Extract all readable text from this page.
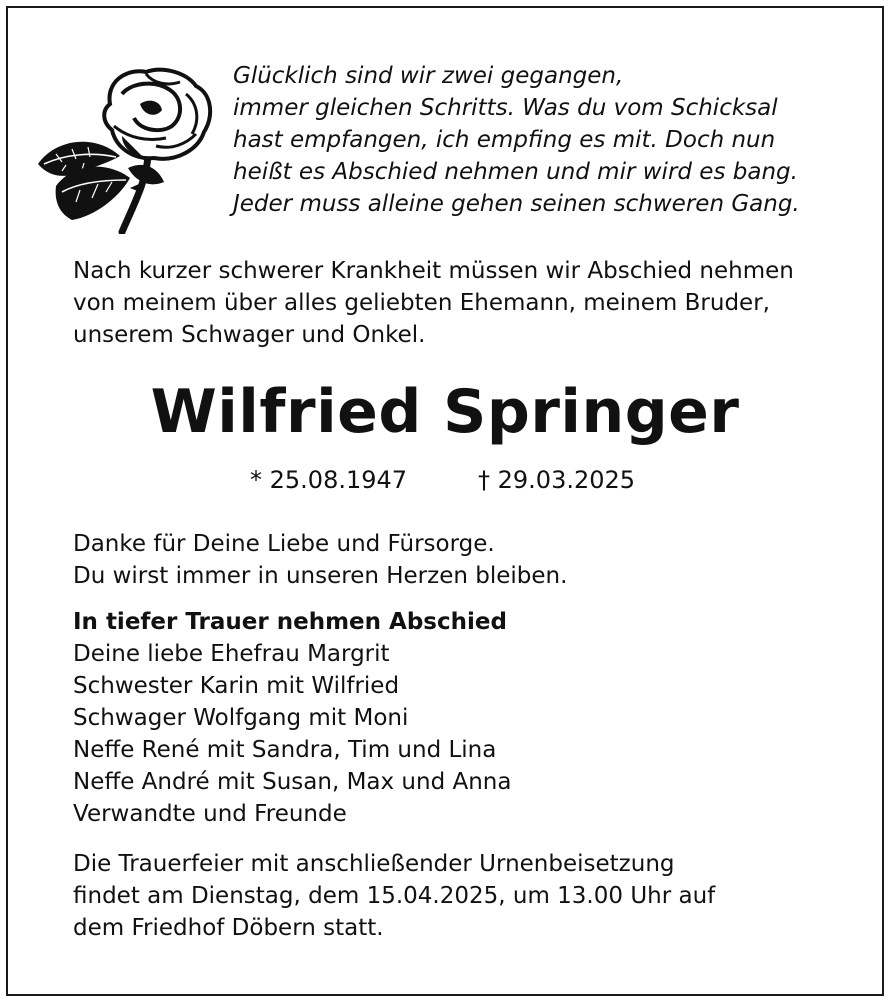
Glücklich sind wir zwei gegangen,
immer gleichen Schritts. Was du vom Schicksal
hast empfangen, ich empfing es mit. Doch nun
heißt es Abschied nehmen und mir wird es bang.
Jeder muss alleine gehen seinen schweren Gang.
Nach kurzer schwerer Krankheit müssen wir Abschied nehmen
von meinem über alles geliebten Ehemann, meinem Bruder,
unserem Schwager und Onkel.
Wilfried Springer
* 25.08.1947	† 29.03.2025
Danke für Deine Liebe und Fürsorge.
Du wirst immer in unseren Herzen bleiben.
In tiefer Trauer nehmen Abschied
Deine liebe Ehefrau Margrit
Schwester Karin mit Wilfried
Schwager Wolfgang mit Moni
Neffe René mit Sandra, Tim und Lina
Neffe André mit Susan, Max und Anna
Verwandte und Freunde
Die Trauerfeier mit anschließender Urnenbeisetzung
findet am Dienstag, dem 15.04.2025, um 13.00 Uhr auf
dem Friedhof Döbern statt.
